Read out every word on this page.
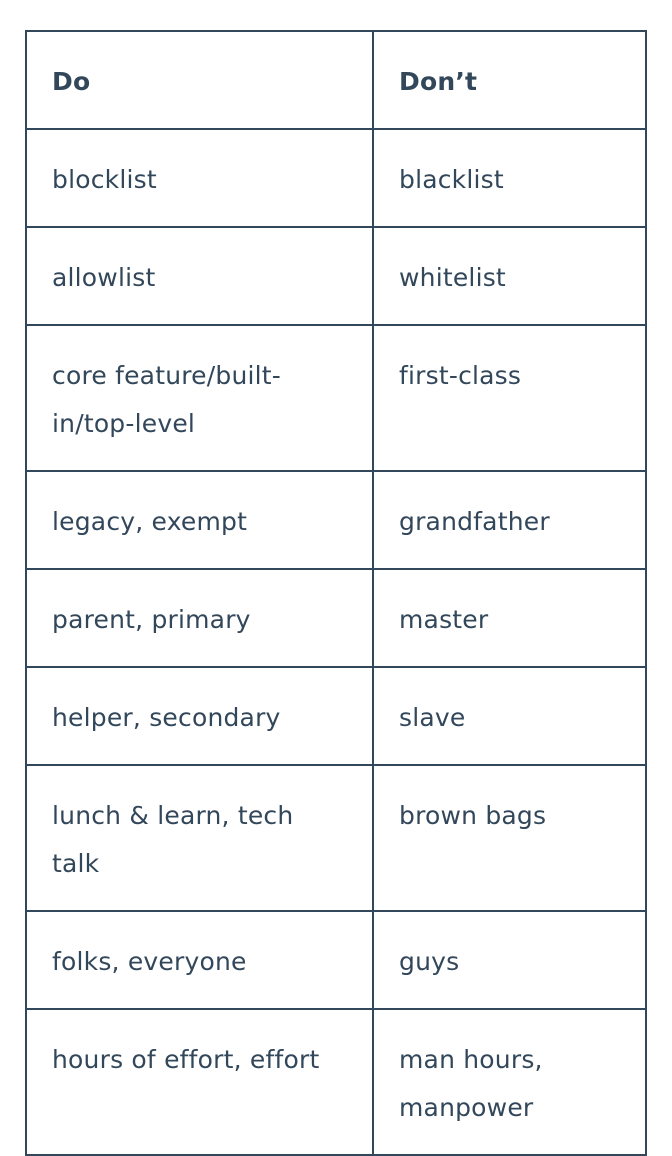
Do	Don’t
blocklist	blacklist
allowlist	whitelist
core feature/built-in/top-level	first-class
legacy, exempt	grandfather
parent, primary	master
helper, secondary	slave
lunch & learn, tech talk	brown bags
folks, everyone	guys
hours of effort, effort	man hours, manpower
